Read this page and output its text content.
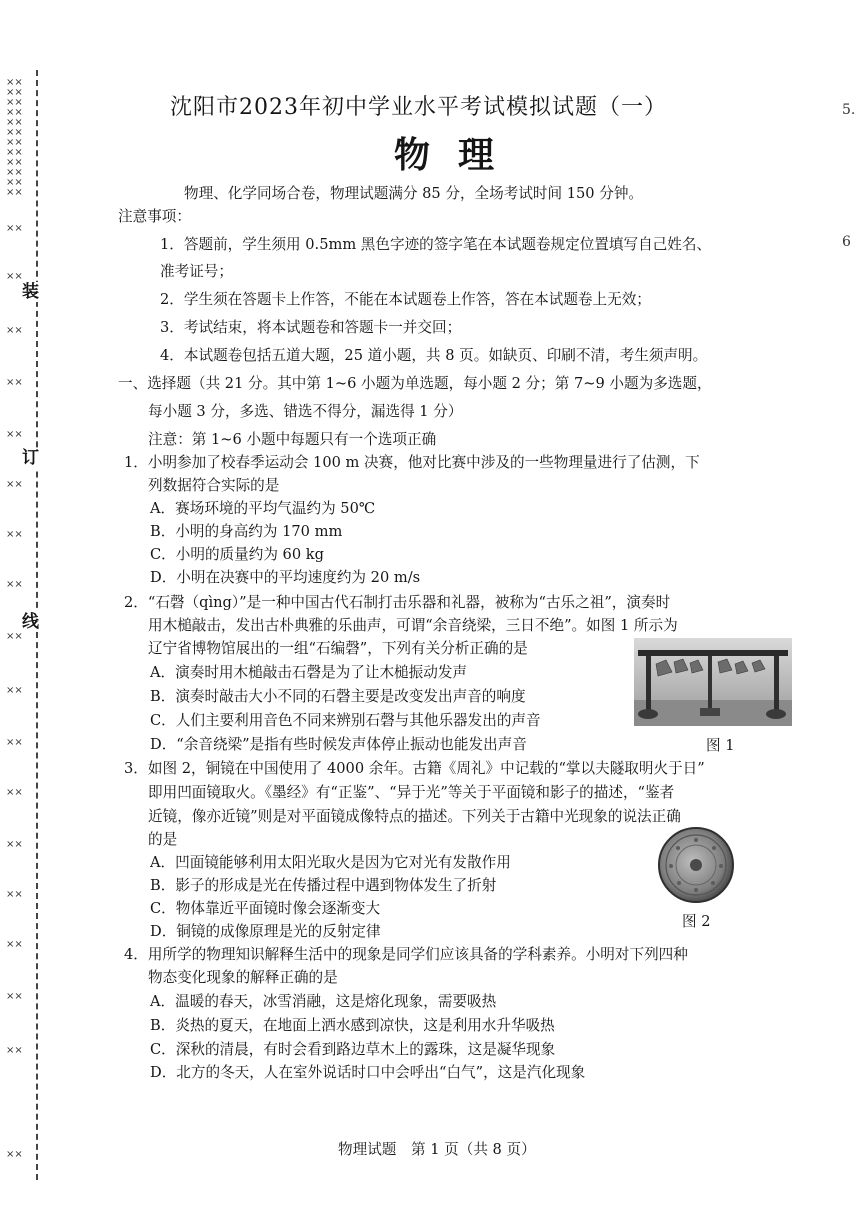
装
订
线
××
××
××
××
××
××
××
××
××
××
××
××
××
××
××
××
××
××
××
××
××
××
××
××
××
××
××
××
××
××
5.
6
沈阳市2023年初中学业水平考试模拟试题（一）
物理
物理、化学同场合卷，物理试题满分 85 分，全场考试时间 150 分钟。
注意事项：
1．答题前，学生须用 0.5mm 黑色字迹的签字笔在本试题卷规定位置填写自己姓名、
准考证号；
2．学生须在答题卡上作答，不能在本试题卷上作答，答在本试题卷上无效；
3．考试结束，将本试题卷和答题卡一并交回；
4．本试题卷包括五道大题，25 道小题，共 8 页。如缺页、印刷不清，考生须声明。
一、选择题（共 21 分。其中第 1~6 小题为单选题，每小题 2 分；第 7~9 小题为多选题，
每小题 3 分，多选、错选不得分，漏选得 1 分）
注意：第 1~6 小题中每题只有一个选项正确
1．小明参加了校春季运动会 100 m 决赛，他对比赛中涉及的一些物理量进行了估测，下
列数据符合实际的是
A．赛场环境的平均气温约为 50℃
B．小明的身高约为 170 mm
C．小明的质量约为 60 kg
D．小明在决赛中的平均速度约为 20 m/s
2．“石磬（qìng）”是一种中国古代石制打击乐器和礼器，被称为“古乐之祖”，演奏时
用木槌敲击，发出古朴典雅的乐曲声，可谓“余音绕梁，三日不绝”。如图 1 所示为
辽宁省博物馆展出的一组“石编磬”，下列有关分析正确的是
A．演奏时用木槌敲击石磬是为了让木槌振动发声
B．演奏时敲击大小不同的石磬主要是改变发出声音的响度
C．人们主要利用音色不同来辨别石磬与其他乐器发出的声音
D．“余音绕梁”是指有些时候发声体停止振动也能发出声音	图 1
3．如图 2，铜镜在中国使用了 4000 余年。古籍《周礼》中记载的“掌以夫隧取明火于日”
即用凹面镜取火。《墨经》有“正鉴”、“异于光”等关于平面镜和影子的描述，“鉴者
近镜，像亦近镜”则是对平面镜成像特点的描述。下列关于古籍中光现象的说法正确
的是
A．凹面镜能够利用太阳光取火是因为它对光有发散作用
B．影子的形成是光在传播过程中遇到物体发生了折射
C．物体靠近平面镜时像会逐渐变大
D．铜镜的成像原理是光的反射定律
图 2
4．用所学的物理知识解释生活中的现象是同学们应该具备的学科素养。小明对下列四种
物态变化现象的解释正确的是
A．温暖的春天，冰雪消融，这是熔化现象，需要吸热
B．炎热的夏天，在地面上洒水感到凉快，这是利用水升华吸热
C．深秋的清晨，有时会看到路边草木上的露珠，这是凝华现象
D．北方的冬天，人在室外说话时口中会呼出“白气”，这是汽化现象
物理试题　第 1 页（共 8 页）
